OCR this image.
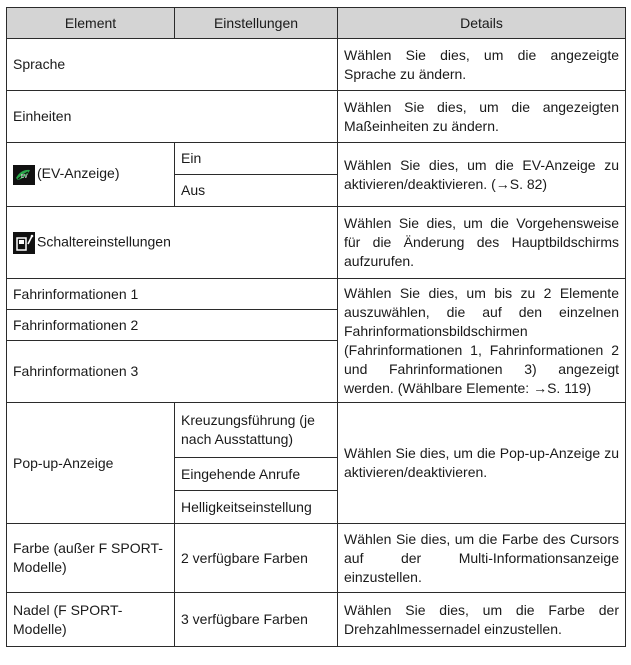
Element	Einstellungen	Details
Sprache		Wählen Sie dies, um die angezeigte Sprache zu ändern.
Einheiten		Wählen Sie dies, um die angezeigten Maßeinheiten zu ändern.

EV (EV-Anzeige)	Ein	Wählen Sie dies, um die EV-Anzeige zu aktivieren/deaktivieren. (→S. 82)
	Aus	
Schaltereinstellungen		Wählen Sie dies, um die Vorgehensweise für die Änderung des Hauptbildschirms aufzurufen.
Fahrinformationen 1		Wählen Sie dies, um bis zu 2 Elemente auszuwählen, die auf den einzelnen Fahrinformationsbildschirmen (Fahrinformationen 1, Fahrinformationen 2 und Fahrinformationen 3) angezeigt werden. (Wählbare Elemente: →S. 119)
Fahrinformationen 2		
Fahrinformationen 3		
Pop-up-Anzeige	Kreuzungsführung (je nach Ausstattung)	Wählen Sie dies, um die Pop-up-Anzeige zu aktivieren/deaktivieren.
	Eingehende Anrufe	
	Helligkeitseinstellung	
Farbe (außer F SPORT-Modelle)	2 verfügbare Farben	Wählen Sie dies, um die Farbe des Cursors auf der Multi-Informationsanzeige einzustellen.
Nadel (F SPORT-Modelle)	3 verfügbare Farben	Wählen Sie dies, um die Farbe der Drehzahlmessernadel einzustellen.
